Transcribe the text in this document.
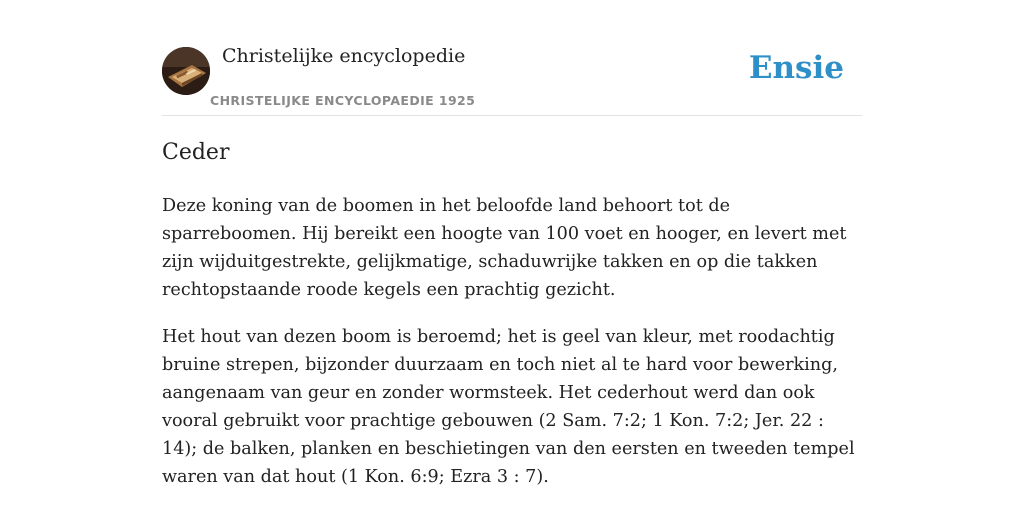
Christelijke encyclopedie
CHRISTELIJKE ENCYCLOPAEDIE 1925
Ensie
Ceder

Deze koning van de boomen in het beloofde land behoort tot de sparreboomen. Hij bereikt een hoogte van 100 voet en hooger, en levert met zijn wijduitgestrekte, gelijkmatige, schaduwrijke takken en op die takken rechtopstaande roode kegels een prachtig gezicht.

Het hout van dezen boom is beroemd; het is geel van kleur, met roodachtig bruine strepen, bijzonder duurzaam en toch niet al te hard voor bewerking, aangenaam van geur en zonder wormsteek. Het cederhout werd dan ook vooral gebruikt voor prachtige gebouwen (2 Sam. 7:2; 1 Kon. 7:2; Jer. 22 : 14); de balken, planken en beschietingen van den eersten en tweeden tempel waren van dat hout (1 Kon. 6:9; Ezra 3 : 7).
